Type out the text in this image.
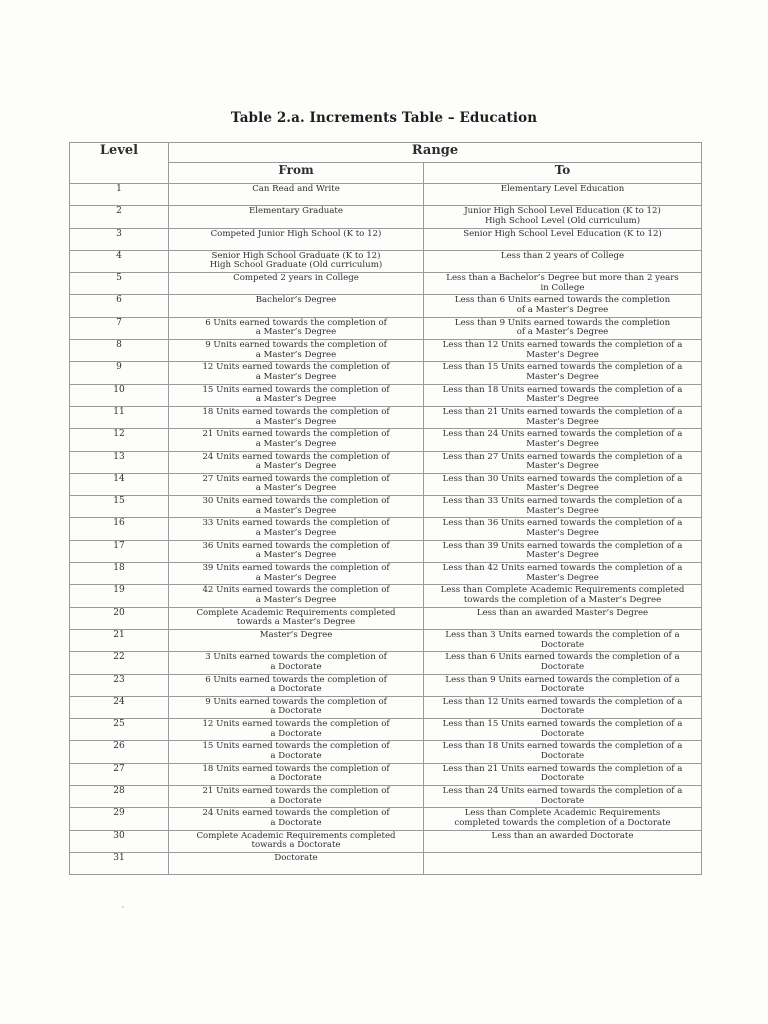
Table 2.a. Increments Table – Education
Level	Range	
	From	To
1	Can Read and Write	Elementary Level Education
2	Elementary Graduate	Junior High School Level Education (K to 12)
High School Level (Old curriculum)
3	Competed Junior High School (K to 12)	Senior High School Level Education (K to 12)
4	Senior High School Graduate (K to 12)
High School Graduate (Old curriculum)	Less than 2 years of College
5	Competed 2 years in College	Less than a Bachelor’s Degree but more than 2 years
in College
6	Bachelor’s Degree	Less than 6 Units earned towards the completion
of a Master’s Degree
7	6 Units earned towards the completion of
a Master’s Degree	Less than 9 Units earned towards the completion
of a Master’s Degree
8	9 Units earned towards the completion of
a Master’s Degree	Less than 12 Units earned towards the completion of a
Master’s Degree
9	12 Units earned towards the completion of
a Master’s Degree	Less than 15 Units earned towards the completion of a
Master’s Degree
10	15 Units earned towards the completion of
a Master’s Degree	Less than 18 Units earned towards the completion of a
Master’s Degree
11	18 Units earned towards the completion of
a Master’s Degree	Less than 21 Units earned towards the completion of a
Master’s Degree
12	21 Units earned towards the completion of
a Master’s Degree	Less than 24 Units earned towards the completion of a
Master’s Degree
13	24 Units earned towards the completion of
a Master’s Degree	Less than 27 Units earned towards the completion of a
Master’s Degree
14	27 Units earned towards the completion of
a Master’s Degree	Less than 30 Units earned towards the completion of a
Master’s Degree
15	30 Units earned towards the completion of
a Master’s Degree	Less than 33 Units earned towards the completion of a
Master’s Degree
16	33 Units earned towards the completion of
a Master’s Degree	Less than 36 Units earned towards the completion of a
Master’s Degree
17	36 Units earned towards the completion of
a Master’s Degree	Less than 39 Units earned towards the completion of a
Master’s Degree
18	39 Units earned towards the completion of
a Master’s Degree	Less than 42 Units earned towards the completion of a
Master’s Degree
19	42 Units earned towards the completion of
a Master’s Degree	Less than Complete Academic Requirements completed
towards the completion of a Master’s Degree
20	Complete Academic Requirements completed
towards a Master’s Degree	Less than an awarded Master’s Degree
21	Master’s Degree	Less than 3 Units earned towards the completion of a
Doctorate
22	3 Units earned towards the completion of
a Doctorate	Less than 6 Units earned towards the completion of a
Doctorate
23	6 Units earned towards the completion of
a Doctorate	Less than 9 Units earned towards the completion of a
Doctorate
24	9 Units earned towards the completion of
a Doctorate	Less than 12 Units earned towards the completion of a
Doctorate
25	12 Units earned towards the completion of
a Doctorate	Less than 15 Units earned towards the completion of a
Doctorate
26	15 Units earned towards the completion of
a Doctorate	Less than 18 Units earned towards the completion of a
Doctorate
27	18 Units earned towards the completion of
a Doctorate	Less than 21 Units earned towards the completion of a
Doctorate
28	21 Units earned towards the completion of
a Doctorate	Less than 24 Units earned towards the completion of a
Doctorate
29	24 Units earned towards the completion of
a Doctorate	Less than Complete Academic Requirements
completed towards the completion of a Doctorate
30	Complete Academic Requirements completed
towards a Doctorate	Less than an awarded Doctorate
31	Doctorate	
